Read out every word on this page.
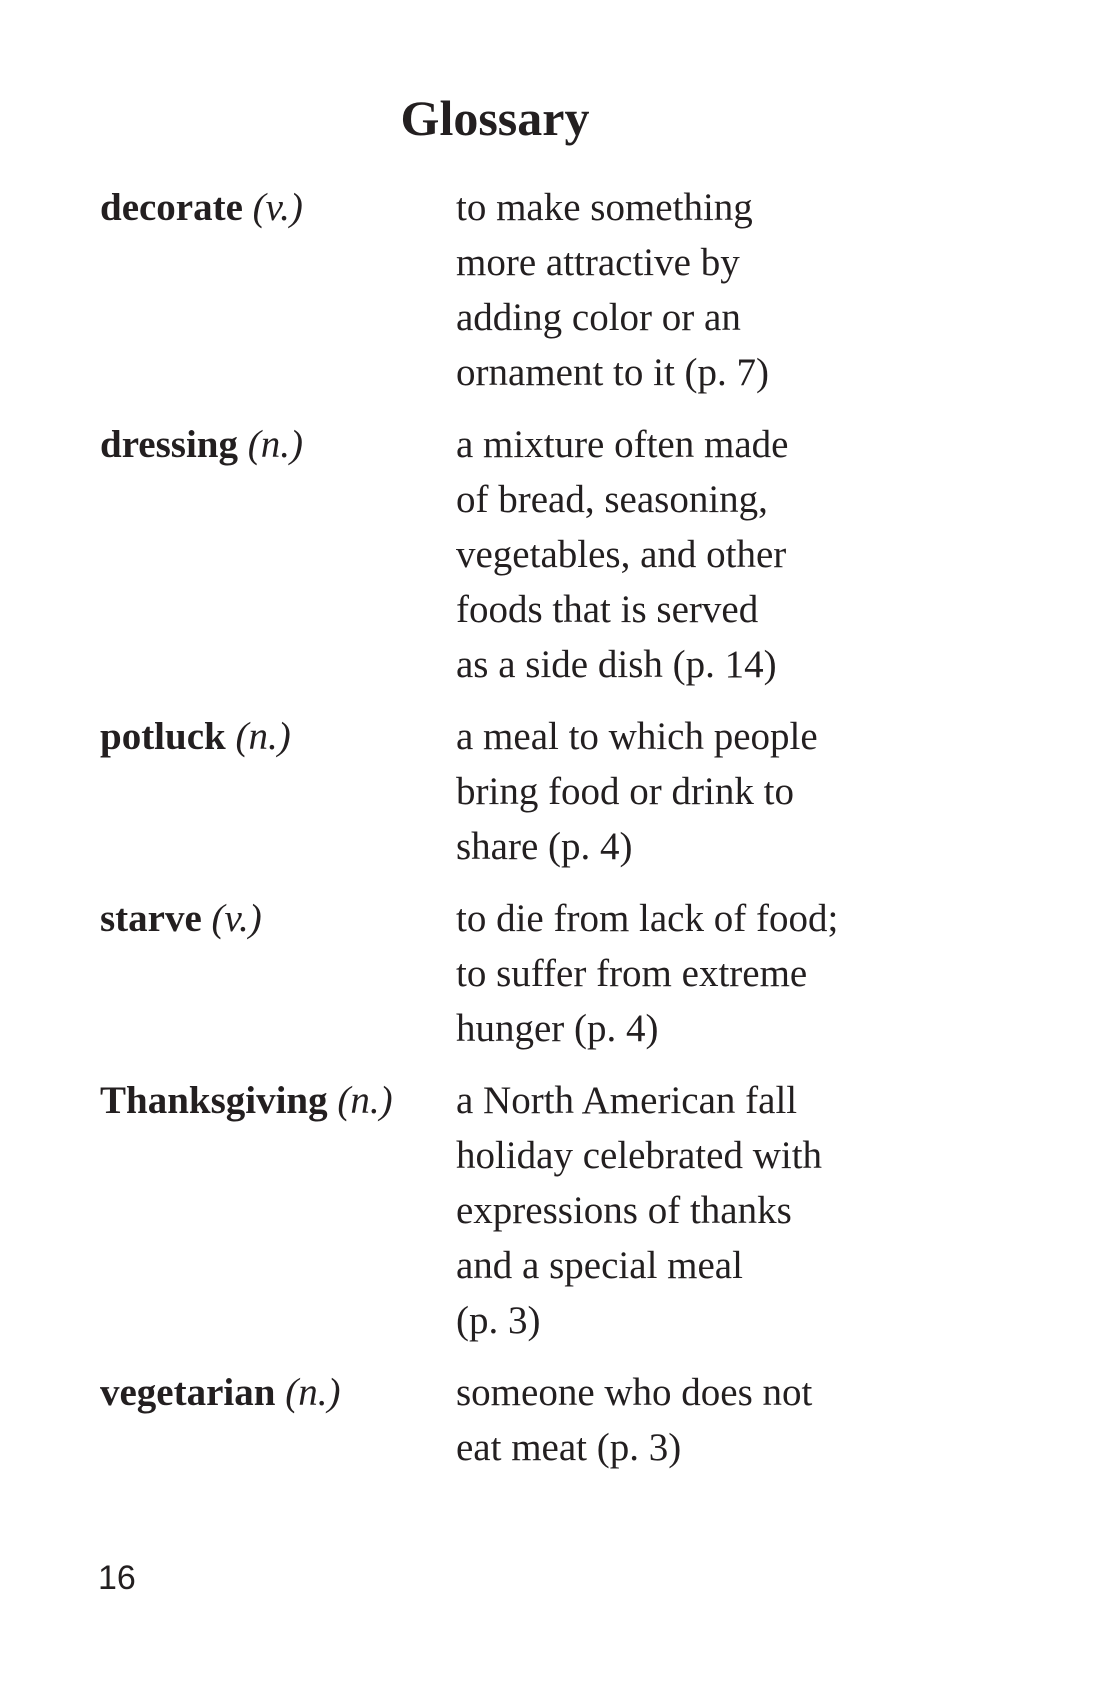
Glossary
decorate (v.)	to make something
more attractive by
adding color or an
ornament to it (p. 7)
dressing (n.)	a mixture often made
of bread, seasoning,
vegetables, and other
foods that is served
as a side dish (p. 14)
potluck (n.)	a meal to which people
bring food or drink to
share (p. 4)
starve (v.)	to die from lack of food;
to suffer from extreme
hunger (p. 4)
Thanksgiving (n.)	a North American fall
holiday celebrated with
expressions of thanks
and a special meal
(p. 3)
vegetarian (n.)	someone who does not
eat meat (p. 3)
16
